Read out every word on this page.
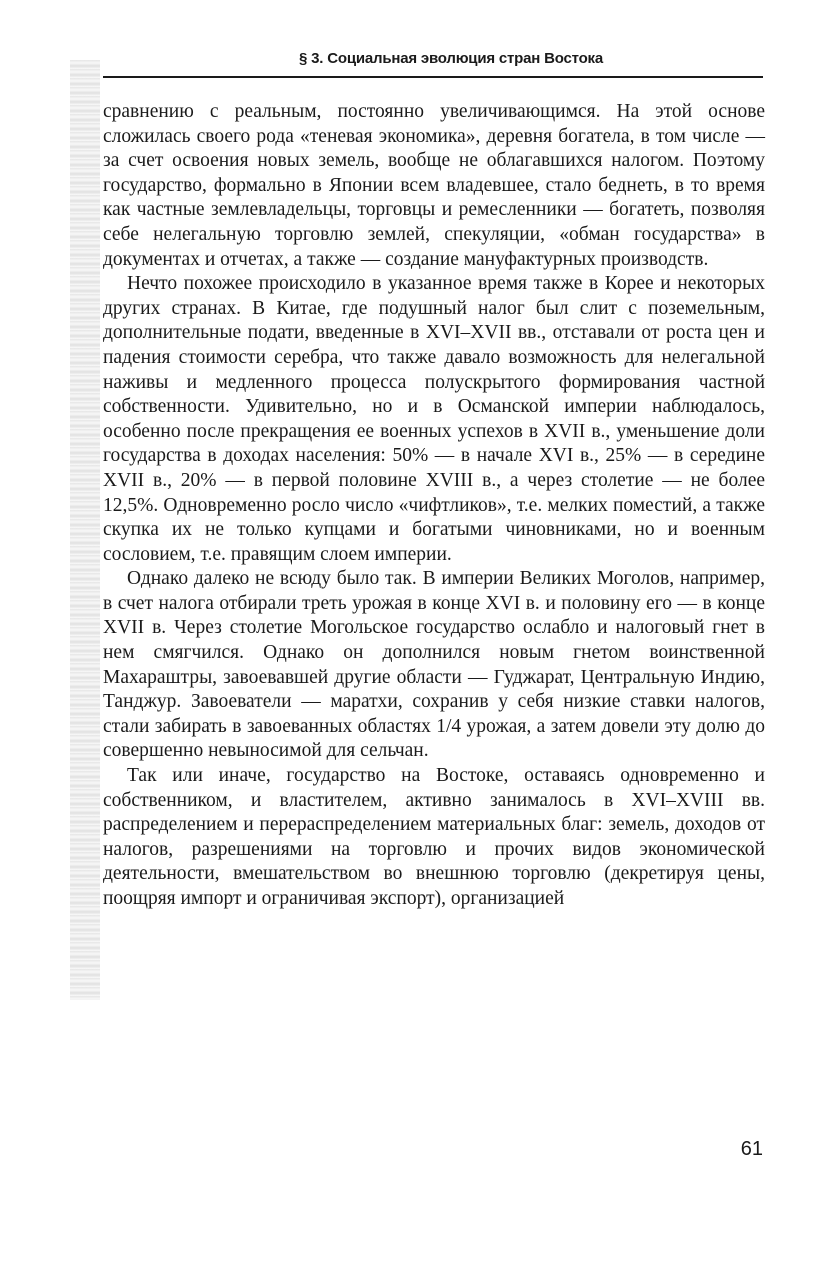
§ 3. Социальная эволюция стран Востока

сравнению с реальным, постоянно увеличивающимся. На этой основе сложилась своего рода «теневая экономика», деревня богатела, в том числе — за счет освоения новых земель, вообще не облагавшихся налогом. Поэтому государство, формально в Японии всем владевшее, стало беднеть, в то время как частные землевладельцы, торговцы и ремесленники — богатеть, позволяя себе нелегальную торговлю землей, спекуляции, «обман государства» в документах и отчетах, а также — создание мануфактурных производств.

Нечто похожее происходило в указанное время также в Корее и некоторых других странах. В Китае, где подушный налог был слит с поземельным, дополнительные подати, введенные в XVI–XVII вв., отставали от роста цен и падения стоимости серебра, что также давало возможность для нелегальной наживы и медленного процесса полускрытого формирования частной собственности. Удивительно, но и в Османской империи наблюдалось, особенно после прекращения ее военных успехов в XVII в., уменьшение доли государства в доходах населения: 50% — в начале XVI в., 25% — в середине XVII в., 20% — в первой половине XVIII в., а через столетие — не более 12,5%. Одновременно росло число «чифтликов», т.е. мелких поместий, а также скупка их не только купцами и богатыми чиновниками, но и военным сословием, т.е. правящим слоем империи.

Однако далеко не всюду было так. В империи Великих Моголов, например, в счет налога отбирали треть урожая в конце XVI в. и половину его — в конце XVII в. Через столетие Могольское государство ослабло и налоговый гнет в нем смягчился. Однако он дополнился новым гнетом воинственной Махараштры, завоевавшей другие области — Гуджарат, Центральную Индию, Танджур. Завоеватели — маратхи, сохранив у себя низкие ставки налогов, стали забирать в завоеванных областях 1/4 урожая, а затем довели эту долю до совершенно невыносимой для сельчан.

Так или иначе, государство на Востоке, оставаясь одновременно и собственником, и властителем, активно занималось в XVI–XVIII вв. распределением и перераспределением материальных благ: земель, доходов от налогов, разрешениями на торговлю и прочих видов экономической деятельности, вмешательством во внешнюю торговлю (декретируя цены, поощряя импорт и ограничивая экспорт), организацией

61
